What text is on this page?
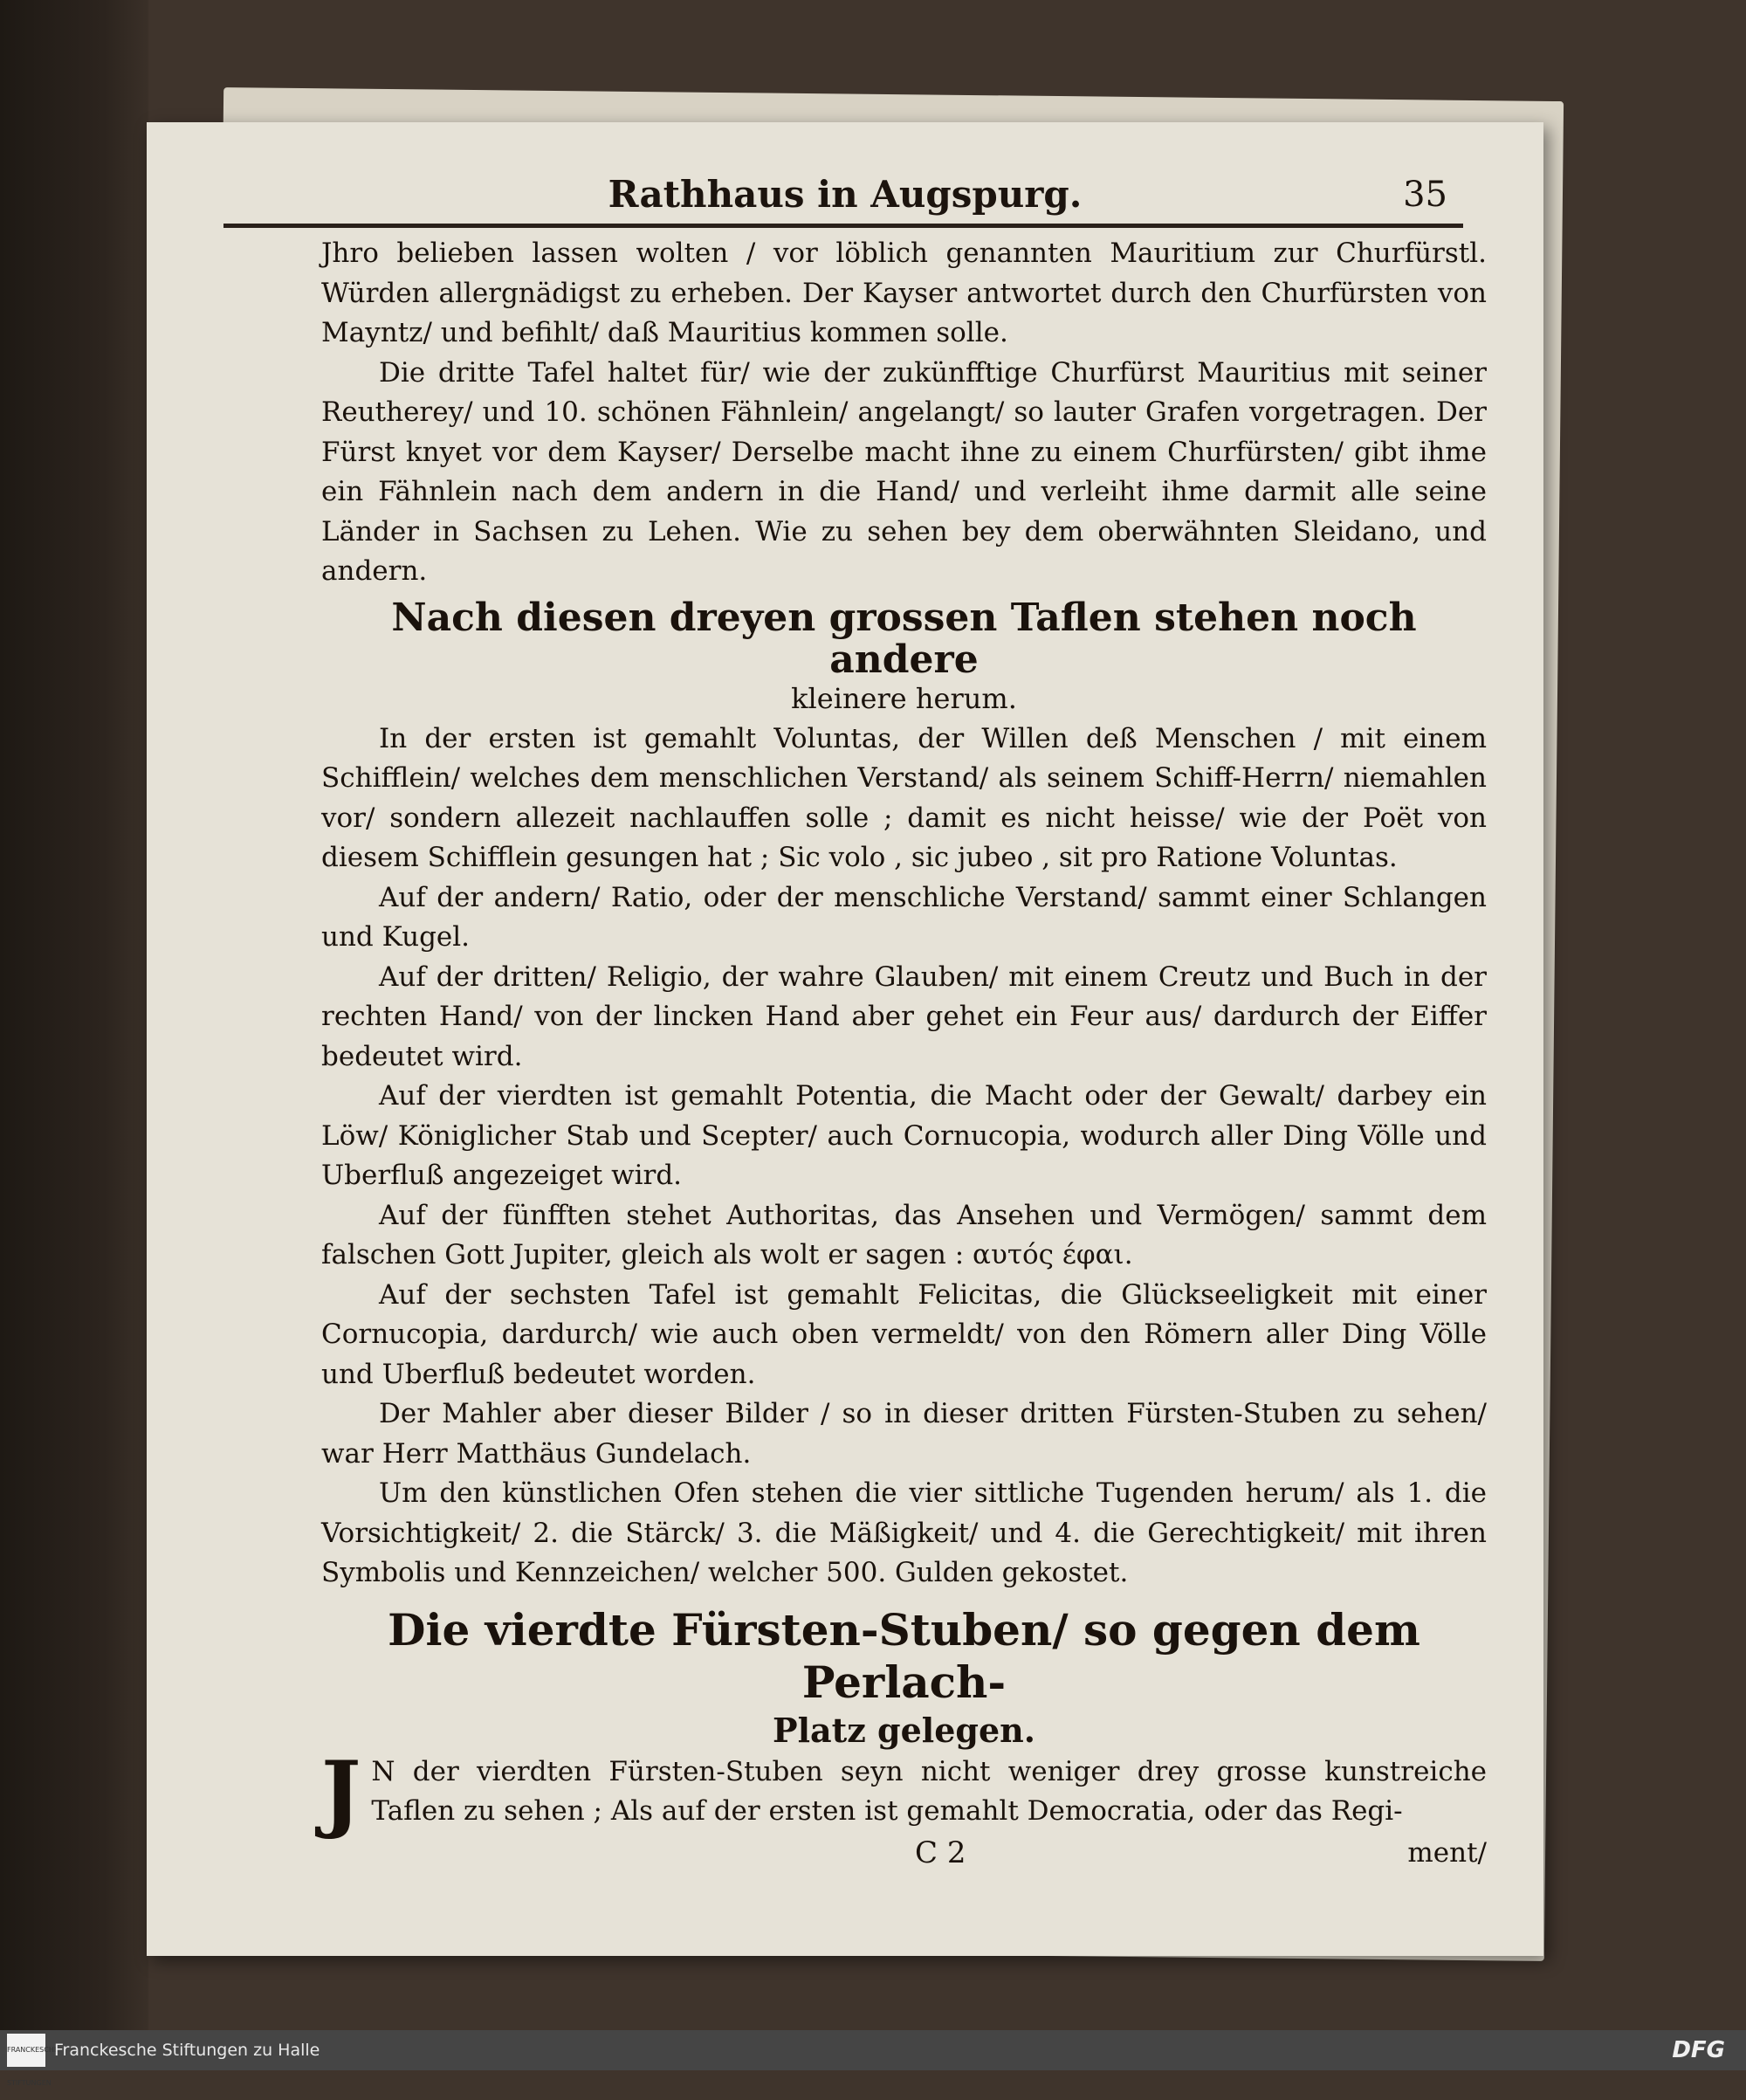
Rathhaus in Augspurg.	35

Jhro belieben lassen wolten / vor löblich genannten Mauritium zur Churfürstl. Würden allergnädigst zu erheben. Der Kayser antwortet durch den Churfürsten von Mayntz/ und befihlt/ daß Mauritius kommen solle.

Die dritte Tafel haltet für/ wie der zukünfftige Churfürst Mauritius mit seiner Reutherey/ und 10. schönen Fähnlein/ angelangt/ so lauter Grafen vorgetragen. Der Fürst knyet vor dem Kayser/ Derselbe macht ihne zu einem Churfürsten/ gibt ihme ein Fähnlein nach dem andern in die Hand/ und verleiht ihme darmit alle seine Länder in Sachsen zu Lehen. Wie zu sehen bey dem oberwähnten Sleidano, und andern.

Nach diesen dreyen grossen Taflen stehen noch andere
kleinere herum.

In der ersten ist gemahlt Voluntas, der Willen deß Menschen / mit einem Schifflein/ welches dem menschlichen Verstand/ als seinem Schiff-Herrn/ niemahlen vor/ sondern allezeit nachlauffen solle ; damit es nicht heisse/ wie der Poët von diesem Schifflein gesungen hat ; Sic volo , sic jubeo , sit pro Ratione Voluntas.

Auf der andern/ Ratio, oder der menschliche Verstand/ sammt einer Schlangen und Kugel.

Auf der dritten/ Religio, der wahre Glauben/ mit einem Creutz und Buch in der rechten Hand/ von der lincken Hand aber gehet ein Feur aus/ dardurch der Eiffer bedeutet wird.

Auf der vierdten ist gemahlt Potentia, die Macht oder der Gewalt/ darbey ein Löw/ Königlicher Stab und Scepter/ auch Cornucopia, wodurch aller Ding Völle und Uberfluß angezeiget wird.

Auf der fünfften stehet Authoritas, das Ansehen und Vermögen/ sammt dem falschen Gott Jupiter, gleich als wolt er sagen : αυτός έφαι.

Auf der sechsten Tafel ist gemahlt Felicitas, die Glückseeligkeit mit einer Cornucopia, dardurch/ wie auch oben vermeldt/ von den Römern aller Ding Völle und Uberfluß bedeutet worden.

Der Mahler aber dieser Bilder / so in dieser dritten Fürsten-Stuben zu sehen/ war Herr Matthäus Gundelach.

Um den künstlichen Ofen stehen die vier sittliche Tugenden herum/ als 1. die Vorsichtigkeit/ 2. die Stärck/ 3. die Mäßigkeit/ und 4. die Gerechtigkeit/ mit ihren Symbolis und Kennzeichen/ welcher 500. Gulden gekostet.

Die vierdte Fürsten-Stuben/ so gegen dem Perlach-
Platz gelegen.

J N der vierdten Fürsten-Stuben seyn nicht weniger drey grosse kunstreiche Taflen zu sehen ; Als auf der ersten ist gemahlt Democratia, oder das Regi-

C 2	ment/
FRANCKESCHE STIFTUNGEN
Franckesche Stiftungen zu Halle	DFG
